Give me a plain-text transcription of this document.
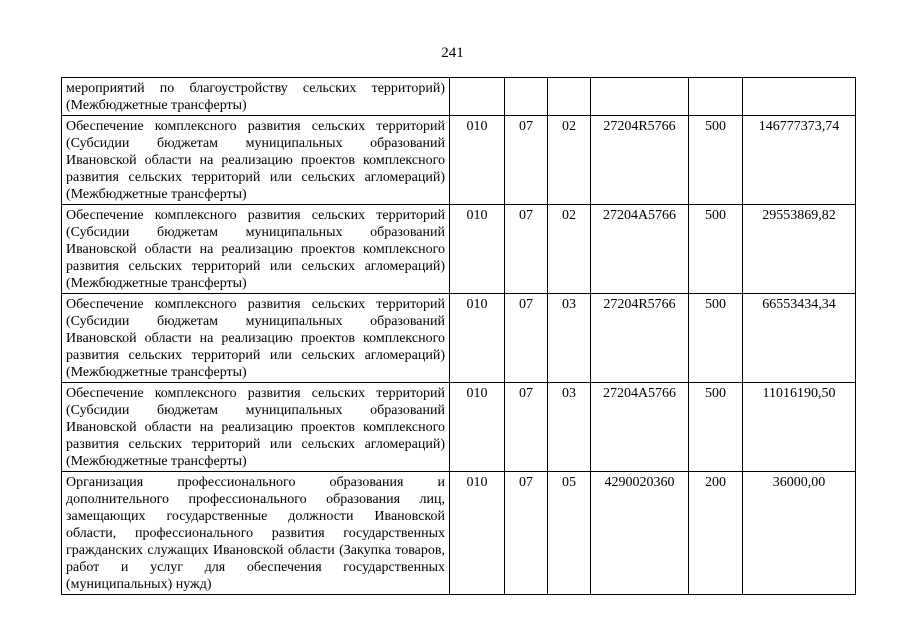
241
мероприятий по благоустройству сельских территорий) (Межбюджетные трансферты)						
Обеспечение комплексного развития сельских территорий (Субсидии бюджетам муниципальных образований Ивановской области на реализацию проектов комплексного развития сельских территорий или сельских агломераций) (Межбюджетные трансферты)	010	07	02	27204R5766	500	146777373,74
Обеспечение комплексного развития сельских территорий (Субсидии бюджетам муниципальных образований Ивановской области на реализацию проектов комплексного развития сельских территорий или сельских агломераций) (Межбюджетные трансферты)	010	07	02	27204А5766	500	29553869,82
Обеспечение комплексного развития сельских территорий (Субсидии бюджетам муниципальных образований Ивановской области на реализацию проектов комплексного развития сельских территорий или сельских агломераций) (Межбюджетные трансферты)	010	07	03	27204R5766	500	66553434,34
Обеспечение комплексного развития сельских территорий (Субсидии бюджетам муниципальных образований Ивановской области на реализацию проектов комплексного развития сельских территорий или сельских агломераций) (Межбюджетные трансферты)	010	07	03	27204А5766	500	11016190,50
Организация профессионального образования и дополнительного профессионального образования лиц, замещающих государственные должности Ивановской области, профессионального развития государственных гражданских служащих Ивановской области (Закупка товаров, работ и услуг для обеспечения государственных (муниципальных) нужд)	010	07	05	4290020360	200	36000,00
